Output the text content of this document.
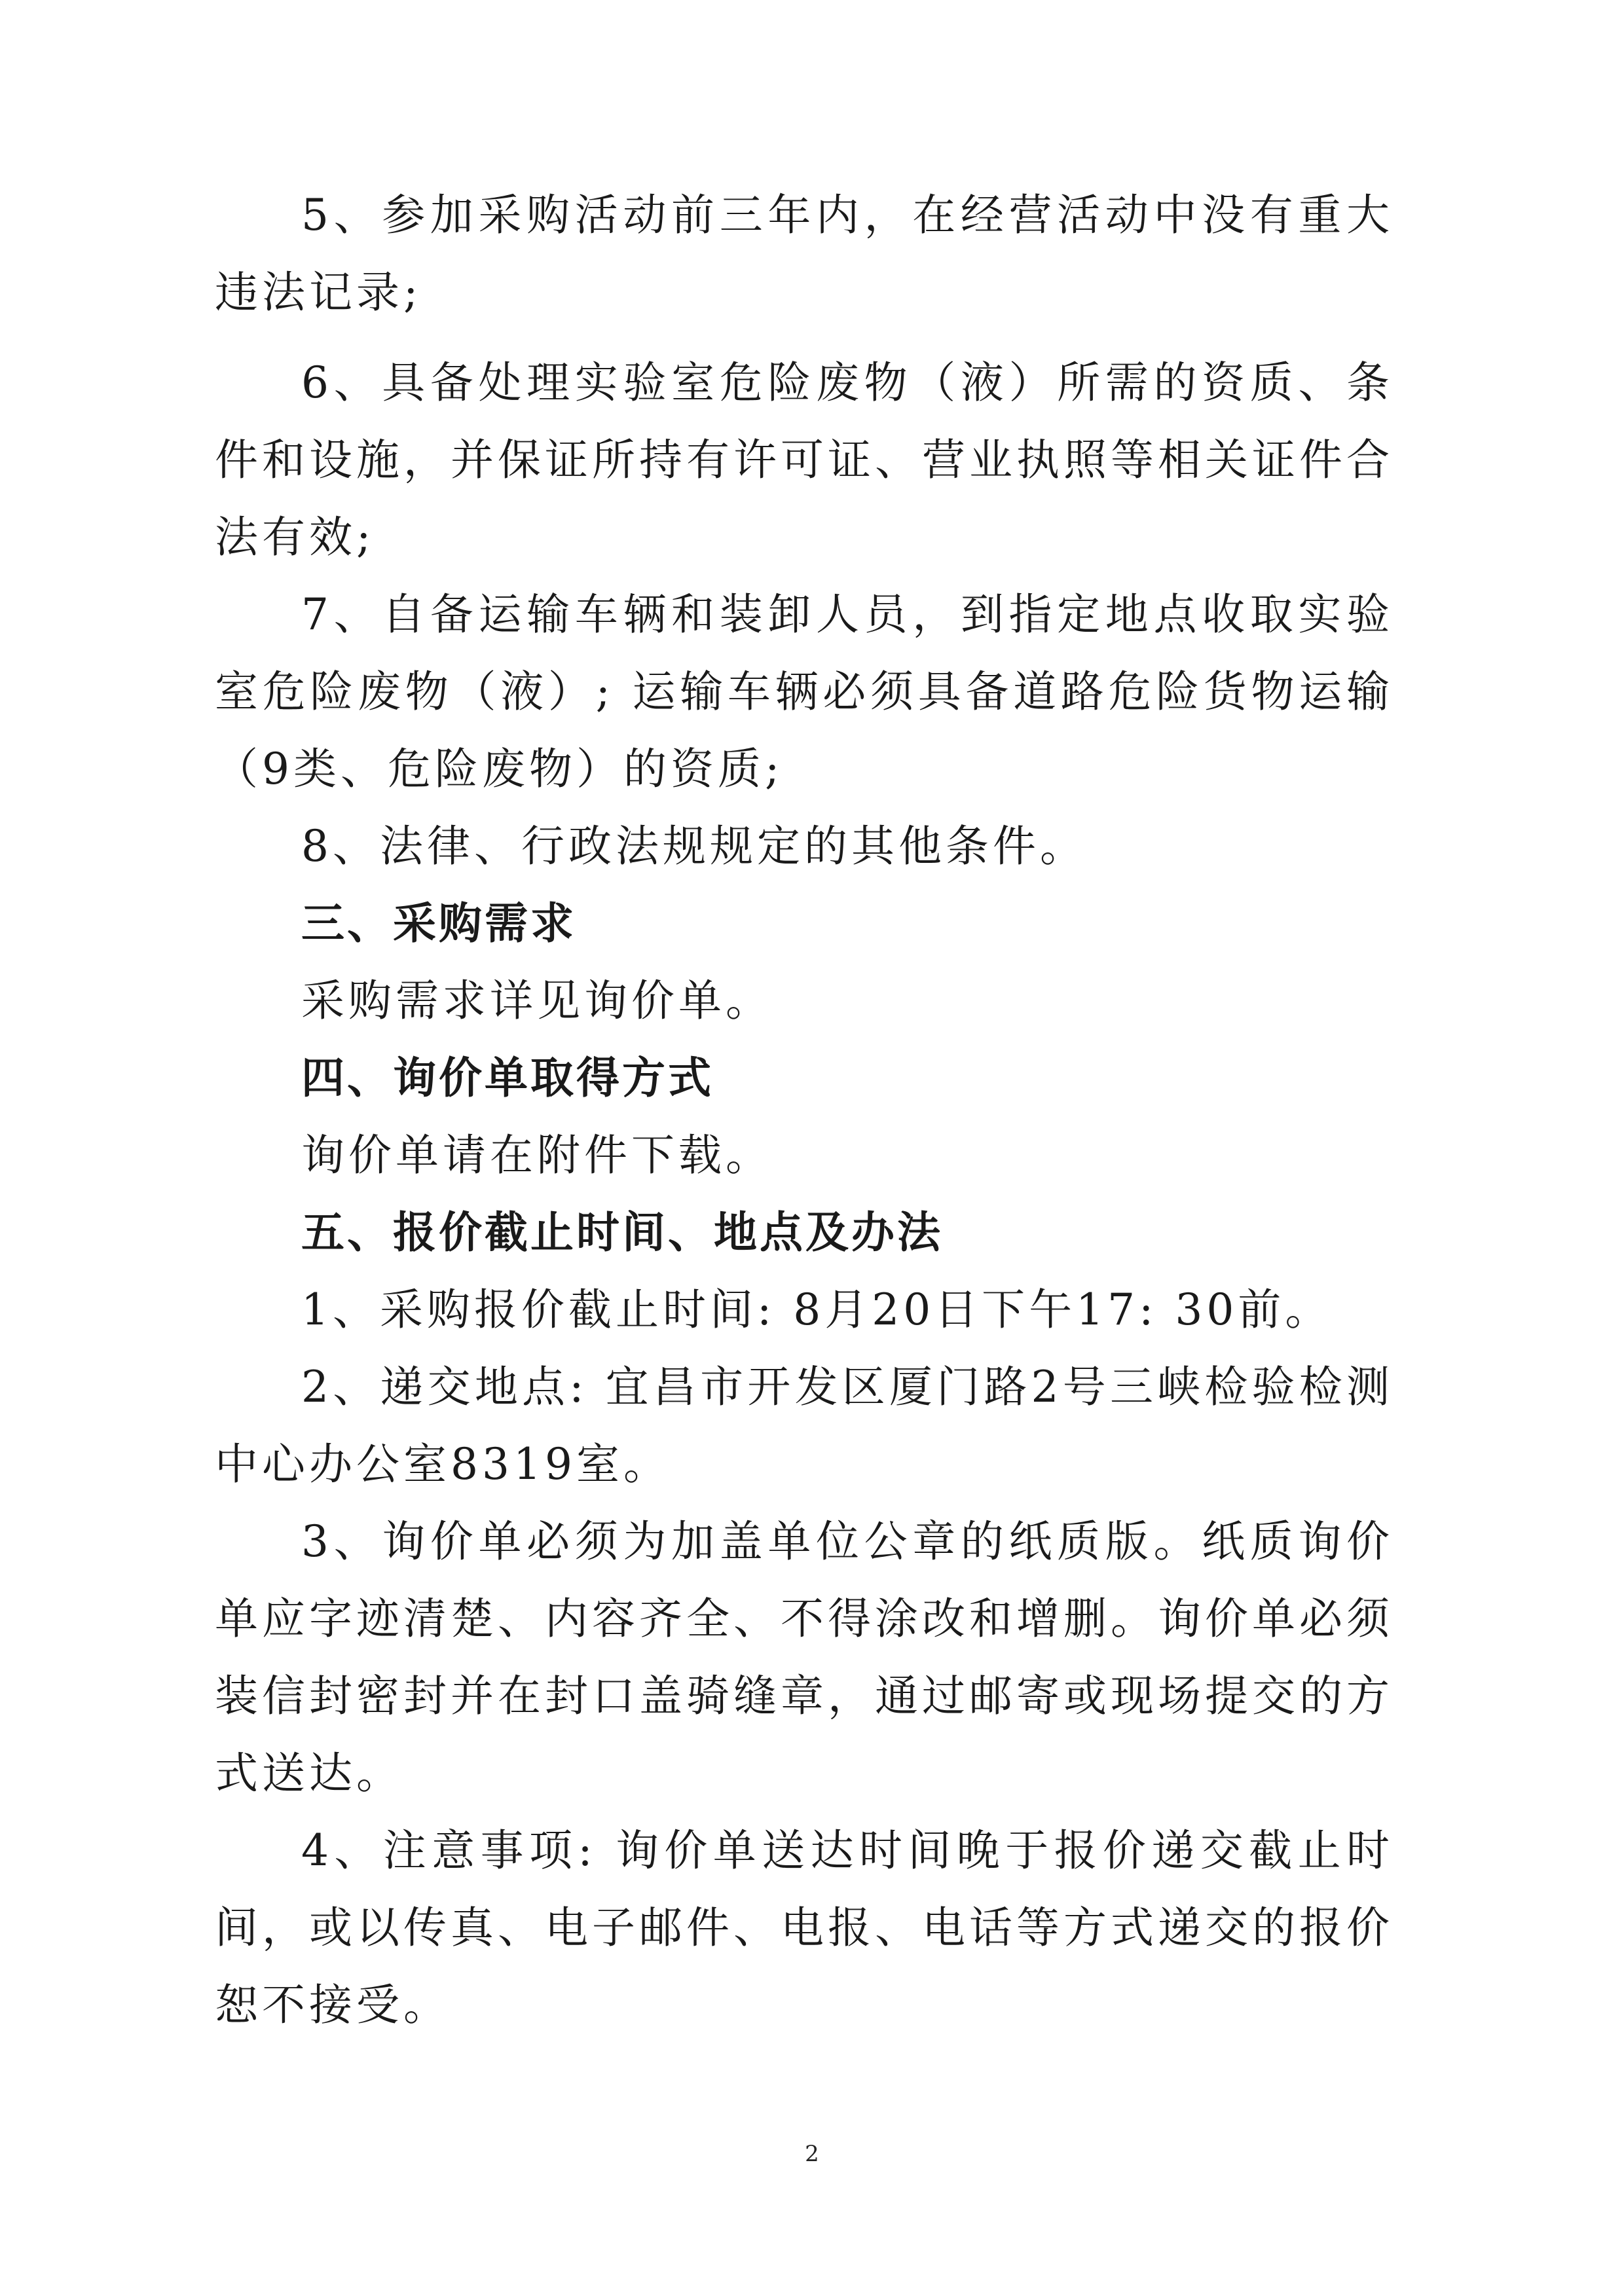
5、参加采购活动前三年内，在经营活动中没有重大违法记录;

6、具备处理实验室危险废物（液）所需的资质、条件和设施，并保证所持有许可证、营业执照等相关证件合法有效;

7、自备运输车辆和装卸人员，到指定地点收取实验室危险废物（液）; 运输车辆必须具备道路危险货物运输（9类、危险废物）的资质;

8、法律、行政法规规定的其他条件。

三、采购需求

采购需求详见询价单。

四、询价单取得方式

询价单请在附件下载。

五、报价截止时间、地点及办法

1、采购报价截止时间: 8月20日下午17: 30前。

2、递交地点: 宜昌市开发区厦门路2号三峡检验检测中心办公室8319室。

3、询价单必须为加盖单位公章的纸质版。纸质询价单应字迹清楚、内容齐全、不得涂改和增删。询价单必须装信封密封并在封口盖骑缝章，通过邮寄或现场提交的方式送达。

4、注意事项: 询价单送达时间晚于报价递交截止时间，或以传真、电子邮件、电报、电话等方式递交的报价恕不接受。

2
